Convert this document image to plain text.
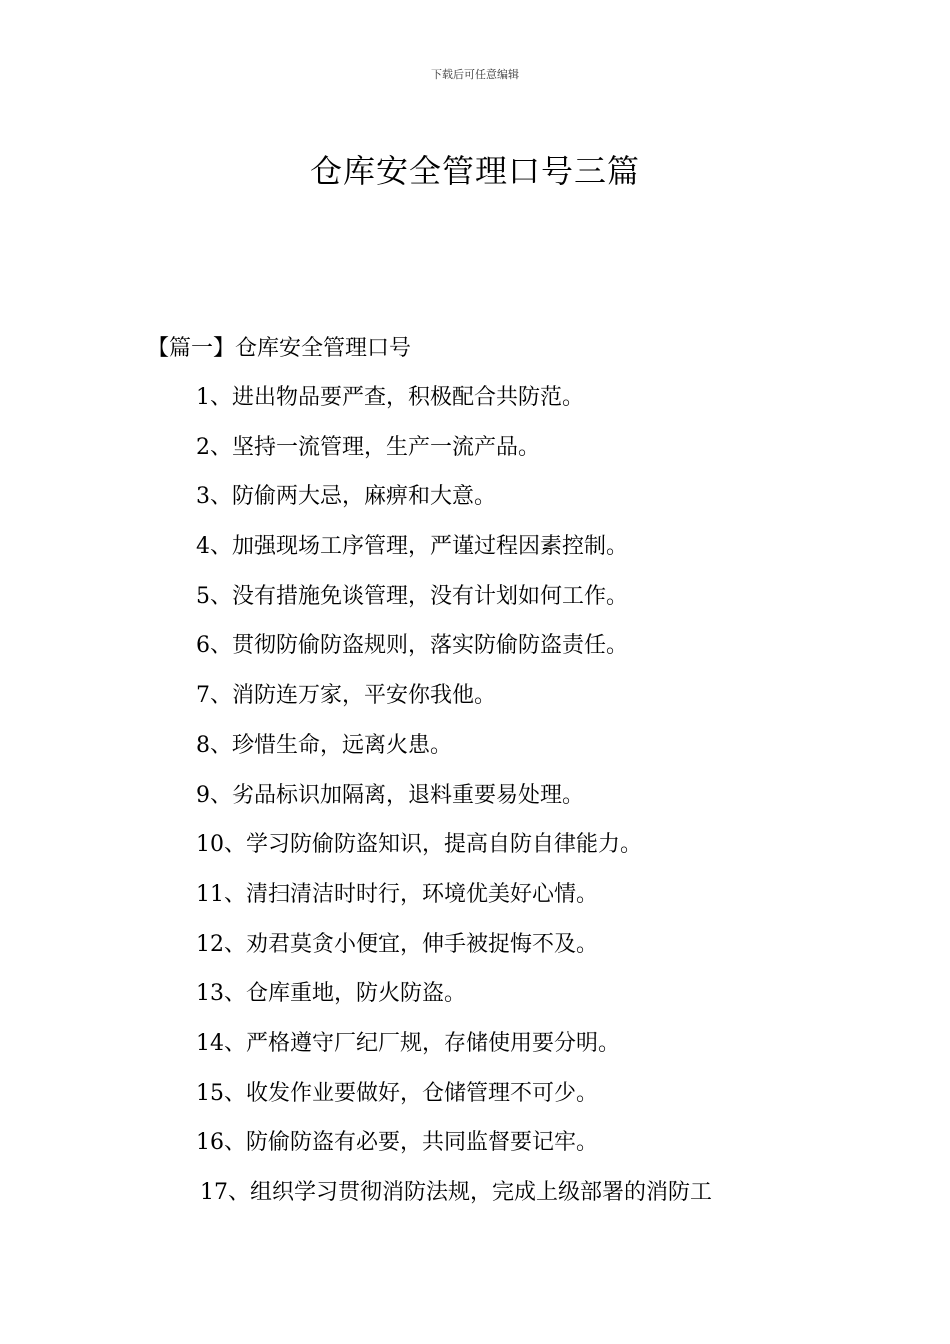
下载后可任意编辑
仓库安全管理口号三篇
【篇一】仓库安全管理口号
1、进出物品要严查，积极配合共防范。
2、坚持一流管理，生产一流产品。
3、防偷两大忌，麻痹和大意。
4、加强现场工序管理，严谨过程因素控制。
5、没有措施免谈管理，没有计划如何工作。
6、贯彻防偷防盗规则，落实防偷防盗责任。
7、消防连万家，平安你我他。
8、珍惜生命，远离火患。
9、劣品标识加隔离，退料重要易处理。
10、学习防偷防盗知识，提高自防自律能力。
11、清扫清洁时时行，环境优美好心情。
12、劝君莫贪小便宜，伸手被捉悔不及。
13、仓库重地，防火防盗。
14、严格遵守厂纪厂规，存储使用要分明。
15、收发作业要做好，仓储管理不可少。
16、防偷防盗有必要，共同监督要记牢。
17、组织学习贯彻消防法规，完成上级部署的消防工
